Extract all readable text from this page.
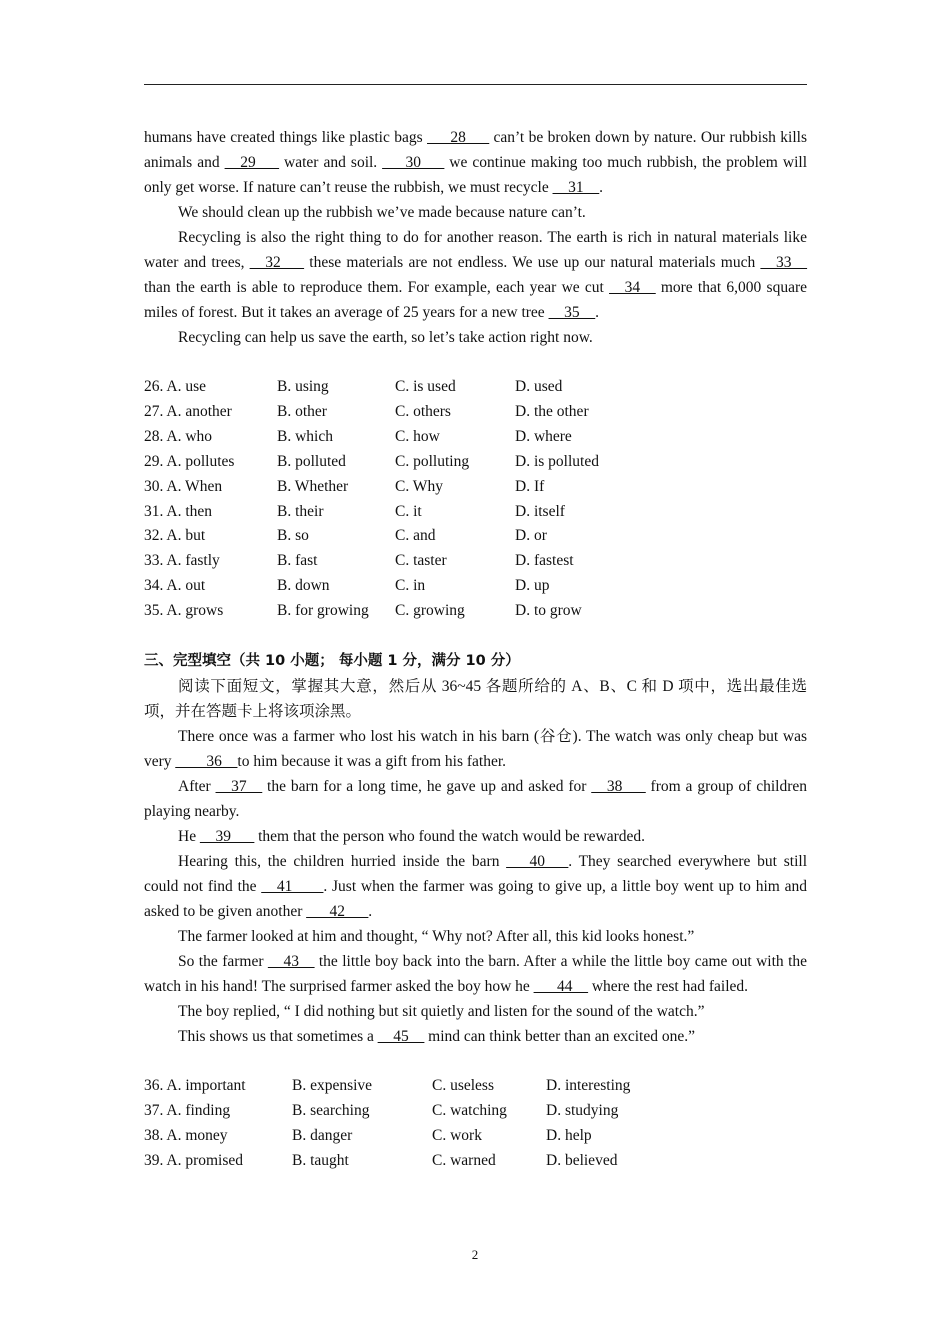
humans have created things like plastic bags ___28___ can’t be broken down by nature. Our rubbish kills animals and __29___ water and soil. ___30___ we continue making too much rubbish, the problem will only get worse. If nature can’t reuse the rubbish, we must recycle __31__.

We should clean up the rubbish we’ve made because nature can’t.

Recycling is also the right thing to do for another reason. The earth is rich in natural materials like water and trees, __32___ these materials are not endless. We use up our natural materials much __33__ than the earth is able to reproduce them. For example, each year we cut __34__ more that 6,000 square miles of forest. But it takes an average of 25 years for a new tree __35__.

Recycling can help us save the earth, so let’s take action right now.

26. A. use	B. using	C. is used	D. used
27. A. another	B. other	C. others	D. the other
28. A. who	B. which	C. how	D. where
29. A. pollutes	B. polluted	C. polluting	D. is polluted
30. A. When	B. Whether	C. Why	D. If
31. A. then	B. their	C. it	D. itself
32. A. but	B. so	C. and	D. or
33. A. fastly	B. fast	C. taster	D. fastest
34. A. out	B. down	C. in	D. up
35. A. grows	B. for growing	C. growing	D. to grow
三、完型填空（共 10 小题； 每小题 1 分，满分 10 分）

阅读下面短文，掌握其大意，然后从 36~45 各题所给的 A、B、C 和 D 项中，选出最佳选项，并在答题卡上将该项涂黑。

There once was a farmer who lost his watch in his barn (谷仓). The watch was only cheap but was very ____36__to him because it was a gift from his father.

After __37__ the barn for a long time, he gave up and asked for __38___ from a group of children playing nearby.

He __39___ them that the person who found the watch would be rewarded.

Hearing this, the children hurried inside the barn ___40___. They searched everywhere but still could not find the __41____. Just when the farmer was going to give up, a little boy went up to him and asked to be given another ___42___.

The farmer looked at him and thought, “ Why not? After all, this kid looks honest.”

So the farmer __43__ the little boy back into the barn. After a while the little boy came out with the watch in his hand! The surprised farmer asked the boy how he ___44__ where the rest had failed.

The boy replied, “ I did nothing but sit quietly and listen for the sound of the watch.”

This shows us that sometimes a __45__ mind can think better than an excited one.”

36. A. important	B. expensive	C. useless	D. interesting
37. A. finding	B. searching	C. watching	D. studying
38. A. money	B. danger	C. work	D. help
39. A. promised	B. taught	C. warned	D. believed
2
